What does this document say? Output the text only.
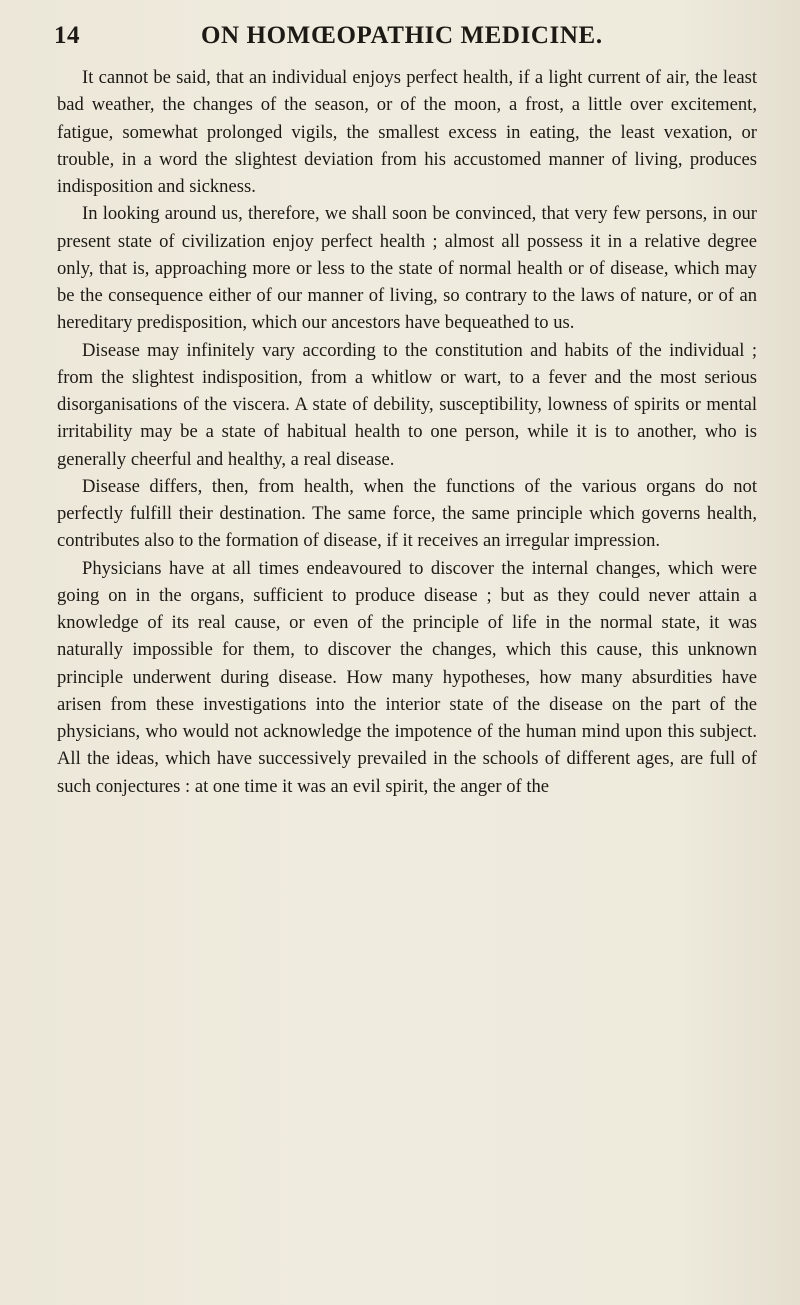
14	ON HOMŒOPATHIC MEDICINE.

It cannot be said, that an individual enjoys perfect health, if a light current of air, the least bad weather, the changes of the season, or of the moon, a frost, a little over excitement, fatigue, somewhat prolonged vigils, the smallest excess in eating, the least vexation, or trouble, in a word the slightest deviation from his accustomed manner of living, produces indisposition and sickness.

In looking around us, therefore, we shall soon be convinced, that very few persons, in our present state of civilization enjoy perfect health ; almost all possess it in a relative degree only, that is, approaching more or less to the state of normal health or of disease, which may be the consequence either of our manner of living, so contrary to the laws of nature, or of an hereditary predisposition, which our ancestors have bequeathed to us.

Disease may infinitely vary according to the constitution and habits of the individual ; from the slightest indisposition, from a whitlow or wart, to a fever and the most serious disorganisations of the viscera. A state of debility, susceptibility, lowness of spirits or mental irritability may be a state of habitual health to one person, while it is to another, who is generally cheerful and healthy, a real disease.

Disease differs, then, from health, when the functions of the various organs do not perfectly fulfill their destination. The same force, the same principle which governs health, contributes also to the formation of disease, if it receives an irregular impression.

Physicians have at all times endeavoured to discover the internal changes, which were going on in the organs, sufficient to produce disease ; but as they could never attain a knowledge of its real cause, or even of the principle of life in the normal state, it was naturally impossible for them, to discover the changes, which this cause, this unknown principle underwent during disease. How many hypotheses, how many absurdities have arisen from these investigations into the interior state of the disease on the part of the physicians, who would not acknowledge the impotence of the human mind upon this subject. All the ideas, which have successively prevailed in the schools of different ages, are full of such conjectures : at one time it was an evil spirit, the anger of the
